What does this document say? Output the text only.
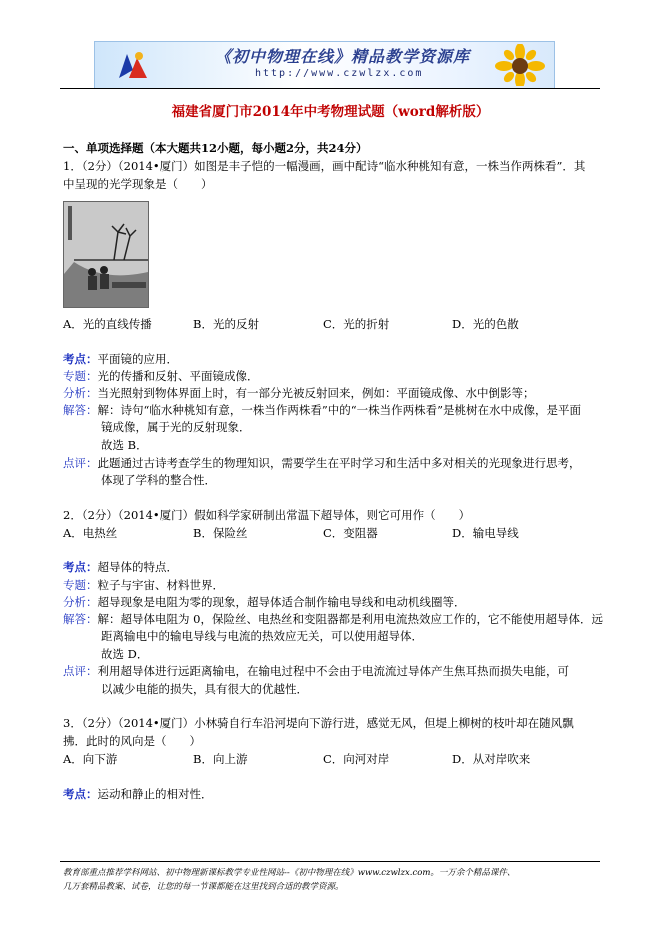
《初中物理在线》精品教学资源库
http://www.czwlzx.com
福建省厦门市2014年中考物理试题（word解析版）
一、单项选择题（本大题共12小题，每小题2分，共24分）
1．（2分）（2014•厦门）如图是丰子恺的一幅漫画，画中配诗“临水种桃知有意，一株当作两株看”．其
中呈现的光学现象是（　　）
A．光的直线传播	B．光的反射	C．光的折射	D．光的色散
考点：平面镜的应用．
专题：光的传播和反射、平面镜成像．
分析：当光照射到物体界面上时，有一部分光被反射回来，例如：平面镜成像、水中倒影等；
解答：解：诗句“临水种桃知有意，一株当作两株看”中的“一株当作两株看”是桃树在水中成像，是平面
镜成像，属于光的反射现象．
故选 B．
点评：此题通过古诗考查学生的物理知识，需要学生在平时学习和生活中多对相关的光现象进行思考，
体现了学科的整合性．
2．（2分）（2014•厦门）假如科学家研制出常温下超导体，则它可用作（　　）
A．电热丝	B．保险丝	C．变阻器	D．输电导线
考点：超导体的特点．
专题：粒子与宇宙、材料世界．
分析：超导现象是电阻为零的现象，超导体适合制作输电导线和电动机线圈等．
解答：解：超导体电阻为 0，保险丝、电热丝和变阻器都是利用电流热效应工作的，它不能使用超导体．远
距离输电中的输电导线与电流的热效应无关，可以使用超导体．
故选 D．
点评：利用超导体进行远距离输电，在输电过程中不会由于电流流过导体产生焦耳热而损失电能，可
以减少电能的损失，具有很大的优越性．
3．（2分）（2014•厦门）小林骑自行车沿河堤向下游行进，感觉无风，但堤上柳树的枝叶却在随风飘
拂．此时的风向是（　　）
A．向下游	B．向上游	C．向河对岸	D．从对岸吹来
考点：运动和静止的相对性．
教育部重点推荐学科网站、初中物理新课标教学专业性网站--《初中物理在线》www.czwlzx.com。一万余个精品课件、
几万套精品教案、试卷，让您的每一节课都能在这里找到合适的教学资源。
